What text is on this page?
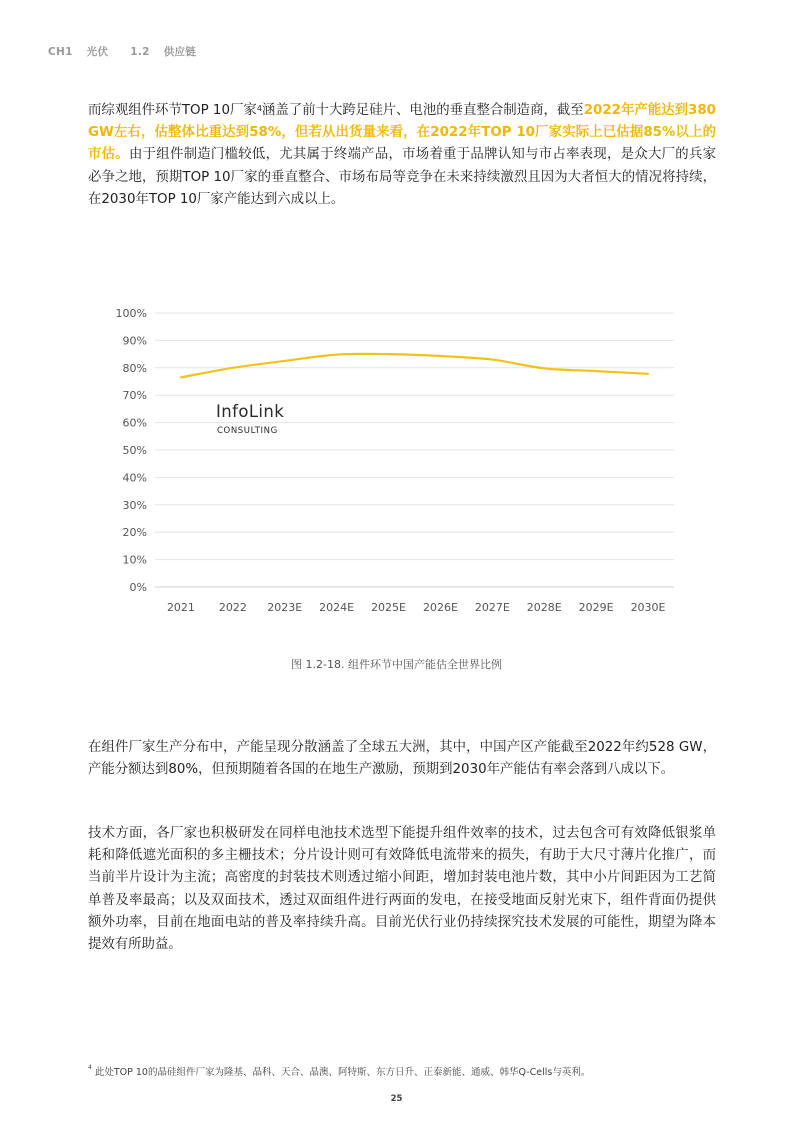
CH1 光伏 1.2 供应链

而综观组件环节TOP 10厂家$^4$涵盖了前十大跨足硅片、电池的垂直整合制造商，截至2022年产能达到380 GW左右，估整体比重达到58%，但若从出货量来看，在2022年TOP 10厂家实际上已估据85%以上的市估。由于组件制造门槛较低，尤其属于终端产品，市场着重于品牌认知与市占率表现，是众大厂的兵家必争之地，预期TOP 10厂家的垂直整合、市场布局等竞争在未来持续激烈且因为大者恒大的情况将持续，在2030年TOP 10厂家产能达到六成以上。

0%
10%
20%
30%
40%
50%
60%
70%
80%
90%
100%
2021 2022 2023E 2024E 2025E 2026E 2027E 2028E 2029E 2030E
InfoLink
CONSULTING
图 1.2-18. 组件环节中国产能估全世界比例

在组件厂家生产分布中，产能呈现分散涵盖了全球五大洲，其中，中国产区产能截至2022年约528 GW，产能分额达到80%，但预期随着各国的在地生产激励，预期到2030年产能估有率会落到八成以下。

技术方面，各厂家也积极研发在同样电池技术选型下能提升组件效率的技术，过去包含可有效降低银浆单耗和降低遮光面积的多主栅技术；分片设计则可有效降低电流带来的损失，有助于大尺寸薄片化推广，而当前半片设计为主流；高密度的封装技术则透过缩小间距，增加封装电池片数，其中小片间距因为工艺简单普及率最高；以及双面技术，透过双面组件进行两面的发电，在接受地面反射光束下，组件背面仍提供额外功率，目前在地面电站的普及率持续升高。目前光伏行业仍持续探究技术发展的可能性，期望为降本提效有所助益。

$^4$ 此处TOP 10的晶硅组件厂家为隆基、晶科、天合、晶澳、阿特斯、东方日升、正泰新能、通威、韩华Q-Cells与英利。
25
